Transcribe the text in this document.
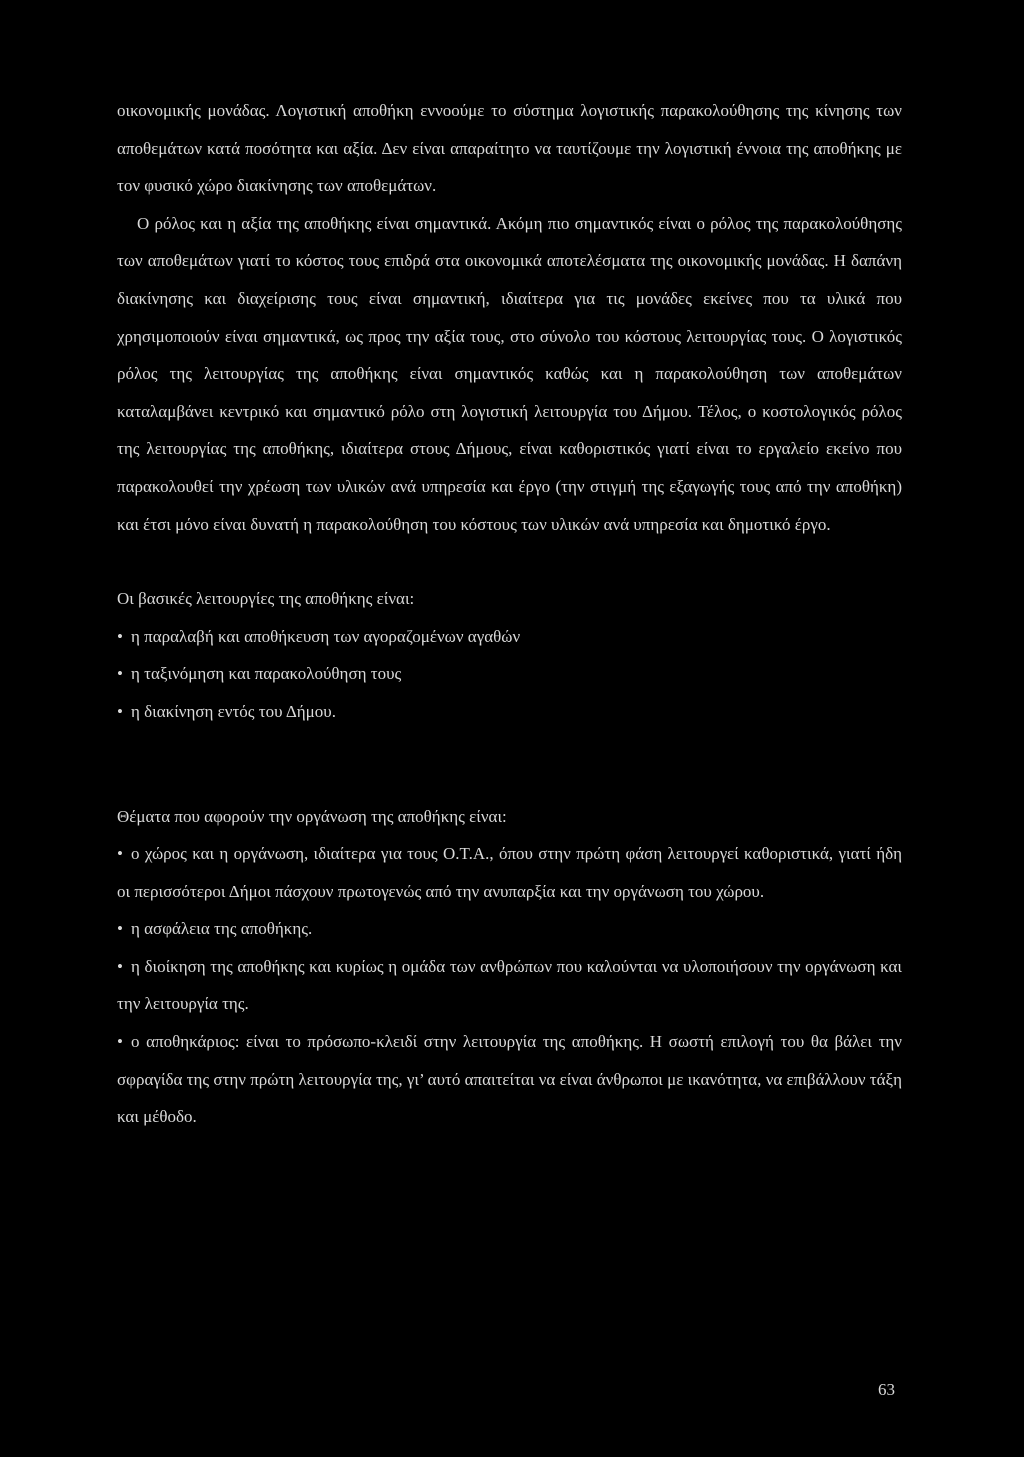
οικονομικής μονάδας. Λογιστική αποθήκη εννοούμε το σύστημα λογιστικής παρακολούθησης της κίνησης των αποθεμάτων κατά ποσότητα και αξία. Δεν είναι απαραίτητο να ταυτίζουμε την λογιστική έννοια της αποθήκης με τον φυσικό χώρο διακίνησης των αποθεμάτων.

Ο ρόλος και η αξία της αποθήκης είναι σημαντικά. Ακόμη πιο σημαντικός είναι ο ρόλος της παρακολούθησης των αποθεμάτων γιατί το κόστος τους επιδρά στα οικονομικά αποτελέσματα της οικονομικής μονάδας. Η δαπάνη διακίνησης και διαχείρισης τους είναι σημαντική, ιδιαίτερα για τις μονάδες εκείνες που τα υλικά που χρησιμοποιούν είναι σημαντικά, ως προς την αξία τους, στο σύνολο του κόστους λειτουργίας τους. Ο λογιστικός ρόλος της λειτουργίας της αποθήκης είναι σημαντικός καθώς και η παρακολούθηση των αποθεμάτων καταλαμβάνει κεντρικό και σημαντικό ρόλο στη λογιστική λειτουργία του Δήμου. Τέλος, ο κοστολογικός ρόλος της λειτουργίας της αποθήκης, ιδιαίτερα στους Δήμους, είναι καθοριστικός γιατί είναι το εργαλείο εκείνο που παρακολουθεί την χρέωση των υλικών ανά υπηρεσία και έργο (την στιγμή της εξαγωγής τους από την αποθήκη) και έτσι μόνο είναι δυνατή η παρακολούθηση του κόστους των υλικών ανά υπηρεσία και δημοτικό έργο.

Οι βασικές λειτουργίες της αποθήκης είναι:

• η παραλαβή και αποθήκευση των αγοραζομένων αγαθών

• η ταξινόμηση και παρακολούθηση τους

• η διακίνηση εντός του Δήμου.

Θέματα που αφορούν την οργάνωση της αποθήκης είναι:

• ο χώρος και η οργάνωση, ιδιαίτερα για τους Ο.Τ.Α., όπου στην πρώτη φάση λειτουργεί καθοριστικά, γιατί ήδη οι περισσότεροι Δήμοι πάσχουν πρωτογενώς από την ανυπαρξία και την οργάνωση του χώρου.

• η ασφάλεια της αποθήκης.

• η διοίκηση της αποθήκης και κυρίως η ομάδα των ανθρώπων που καλούνται να υλοποιήσουν την οργάνωση και την λειτουργία της.

• ο αποθηκάριος: είναι το πρόσωπο-κλειδί στην λειτουργία της αποθήκης. Η σωστή επιλογή του θα βάλει την σφραγίδα της στην πρώτη λειτουργία της, γι’ αυτό απαιτείται να είναι άνθρωποι με ικανότητα, να επιβάλλουν τάξη και μέθοδο.

63
